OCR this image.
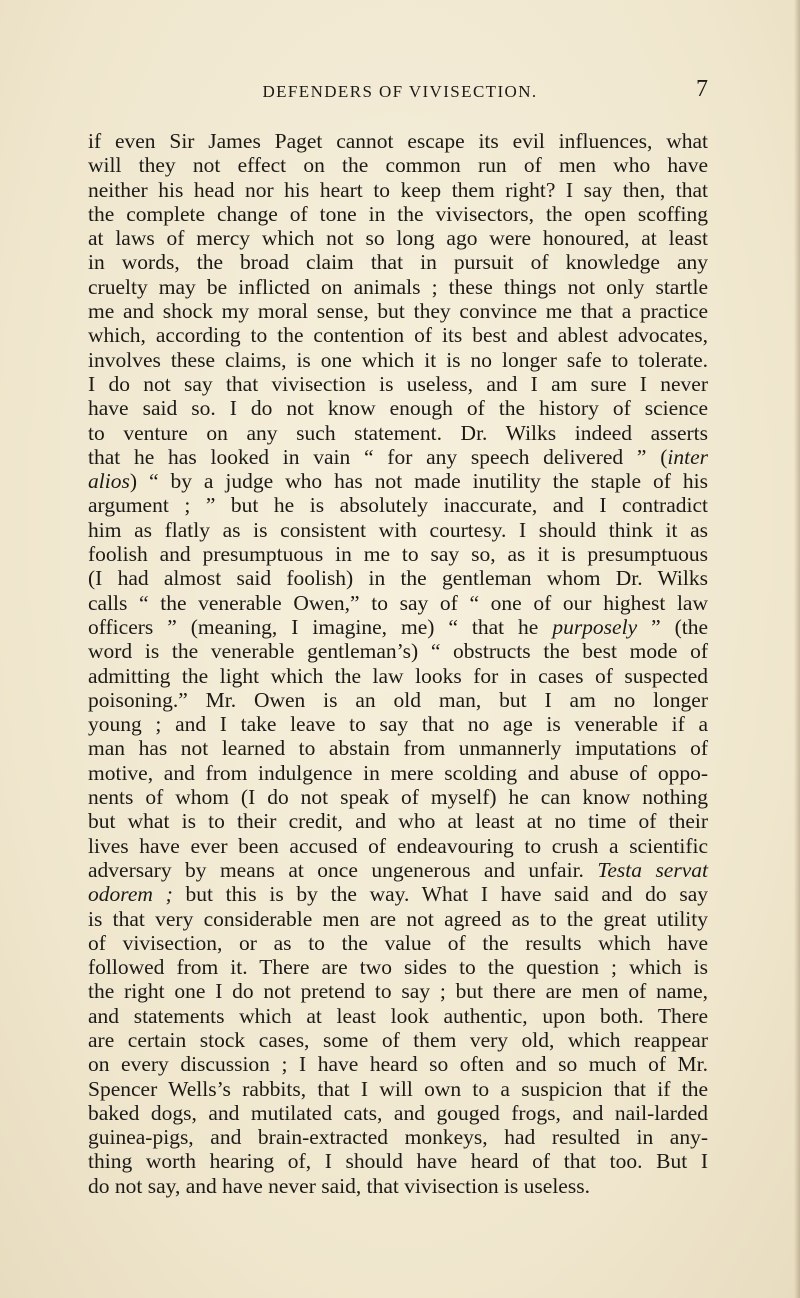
DEFENDERS OF VIVISECTION.	7
if even Sir James Paget cannot escape its evil influences, what
will they not effect on the common run of men who have
neither his head nor his heart to keep them right? I say then, that
the complete change of tone in the vivisectors, the open scoffing
at laws of mercy which not so long ago were honoured, at least
in words, the broad claim that in pursuit of knowledge any
cruelty may be inflicted on animals ; these things not only startle
me and shock my moral sense, but they convince me that a practice
which, according to the contention of its best and ablest advocates,
involves these claims, is one which it is no longer safe to tolerate.
I do not say that vivisection is useless, and I am sure I never
have said so. I do not know enough of the history of science
to venture on any such statement. Dr. Wilks indeed asserts
that he has looked in vain “ for any speech delivered ” (inter
alios) “ by a judge who has not made inutility the staple of his
argument ; ” but he is absolutely inaccurate, and I contradict
him as flatly as is consistent with courtesy. I should think it as
foolish and presumptuous in me to say so, as it is presumptuous
(I had almost said foolish) in the gentleman whom Dr. Wilks
calls “ the venerable Owen,” to say of “ one of our highest law
officers ” (meaning, I imagine, me) “ that he purposely ” (the
word is the venerable gentleman’s) “ obstructs the best mode of
admitting the light which the law looks for in cases of suspected
poisoning.” Mr. Owen is an old man, but I am no longer
young ; and I take leave to say that no age is venerable if a
man has not learned to abstain from unmannerly imputations of
motive, and from indulgence in mere scolding and abuse of oppo-
nents of whom (I do not speak of myself) he can know nothing
but what is to their credit, and who at least at no time of their
lives have ever been accused of endeavouring to crush a scientific
adversary by means at once ungenerous and unfair. Testa servat
odorem ; but this is by the way. What I have said and do say
is that very considerable men are not agreed as to the great utility
of vivisection, or as to the value of the results which have
followed from it. There are two sides to the question ; which is
the right one I do not pretend to say ; but there are men of name,
and statements which at least look authentic, upon both. There
are certain stock cases, some of them very old, which reappear
on every discussion ; I have heard so often and so much of Mr.
Spencer Wells’s rabbits, that I will own to a suspicion that if the
baked dogs, and mutilated cats, and gouged frogs, and nail-larded
guinea-pigs, and brain-extracted monkeys, had resulted in any-
thing worth hearing of, I should have heard of that too. But I
do not say, and have never said, that vivisection is useless.
